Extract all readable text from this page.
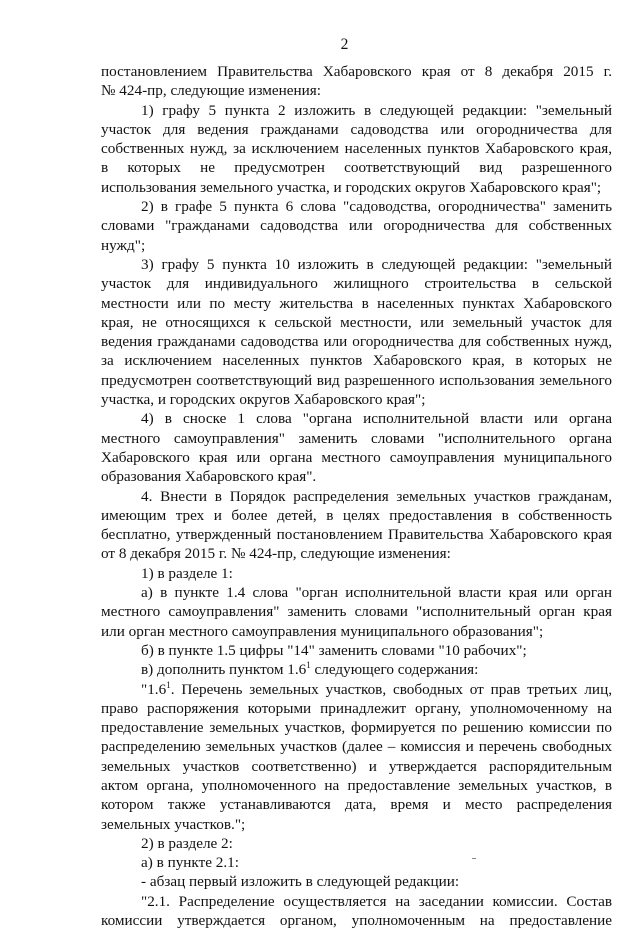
2
постановлением Правительства Хабаровского края от 8 декабря 2015 г.
№ 424-пр, следующие изменения:
1) графу 5 пункта 2 изложить в следующей редакции: "земельный
участок для ведения гражданами садоводства или огородничества для
собственных нужд, за исключением населенных пунктов Хабаровского края,
в которых не предусмотрен соответствующий вид разрешенного
использования земельного участка, и городских округов Хабаровского края";
2) в графе 5 пункта 6 слова "садоводства, огородничества" заменить
словами "гражданами садоводства или огородничества для собственных
нужд";
3) графу 5 пункта 10 изложить в следующей редакции: "земельный
участок для индивидуального жилищного строительства в сельской
местности или по месту жительства в населенных пунктах Хабаровского
края, не относящихся к сельской местности, или земельный участок для
ведения гражданами садоводства или огородничества для собственных нужд,
за исключением населенных пунктов Хабаровского края, в которых не
предусмотрен соответствующий вид разрешенного использования земельного
участка, и городских округов Хабаровского края";
4) в сноске 1 слова "органа исполнительной власти или органа
местного самоуправления" заменить словами "исполнительного органа
Хабаровского края или органа местного самоуправления муниципального
образования Хабаровского края".
4. Внести в Порядок распределения земельных участков гражданам,
имеющим трех и более детей, в целях предоставления в собственность
бесплатно, утвержденный постановлением Правительства Хабаровского края
от 8 декабря 2015 г. № 424-пр, следующие изменения:
1) в разделе 1:
а) в пункте 1.4 слова "орган исполнительной власти края или орган
местного самоуправления" заменить словами "исполнительный орган края
или орган местного самоуправления муниципального образования";
б) в пункте 1.5 цифры "14" заменить словами "10 рабочих";
в) дополнить пунктом $1.6^1$ следующего содержания:
"$1.6^1$. Перечень земельных участков, свободных от прав третьих лиц,
право распоряжения которыми принадлежит органу, уполномоченному на
предоставление земельных участков, формируется по решению комиссии по
распределению земельных участков (далее – комиссия и перечень свободных
земельных участков соответственно) и утверждается распорядительным
актом органа, уполномоченного на предоставление земельных участков, в
котором также устанавливаются дата, время и место распределения
земельных участков.";
2) в разделе 2:
а) в пункте 2.1:
- абзац первый изложить в следующей редакции:
"2.1. Распределение осуществляется на заседании комиссии. Состав
комиссии утверждается органом, уполномоченным на предоставление
